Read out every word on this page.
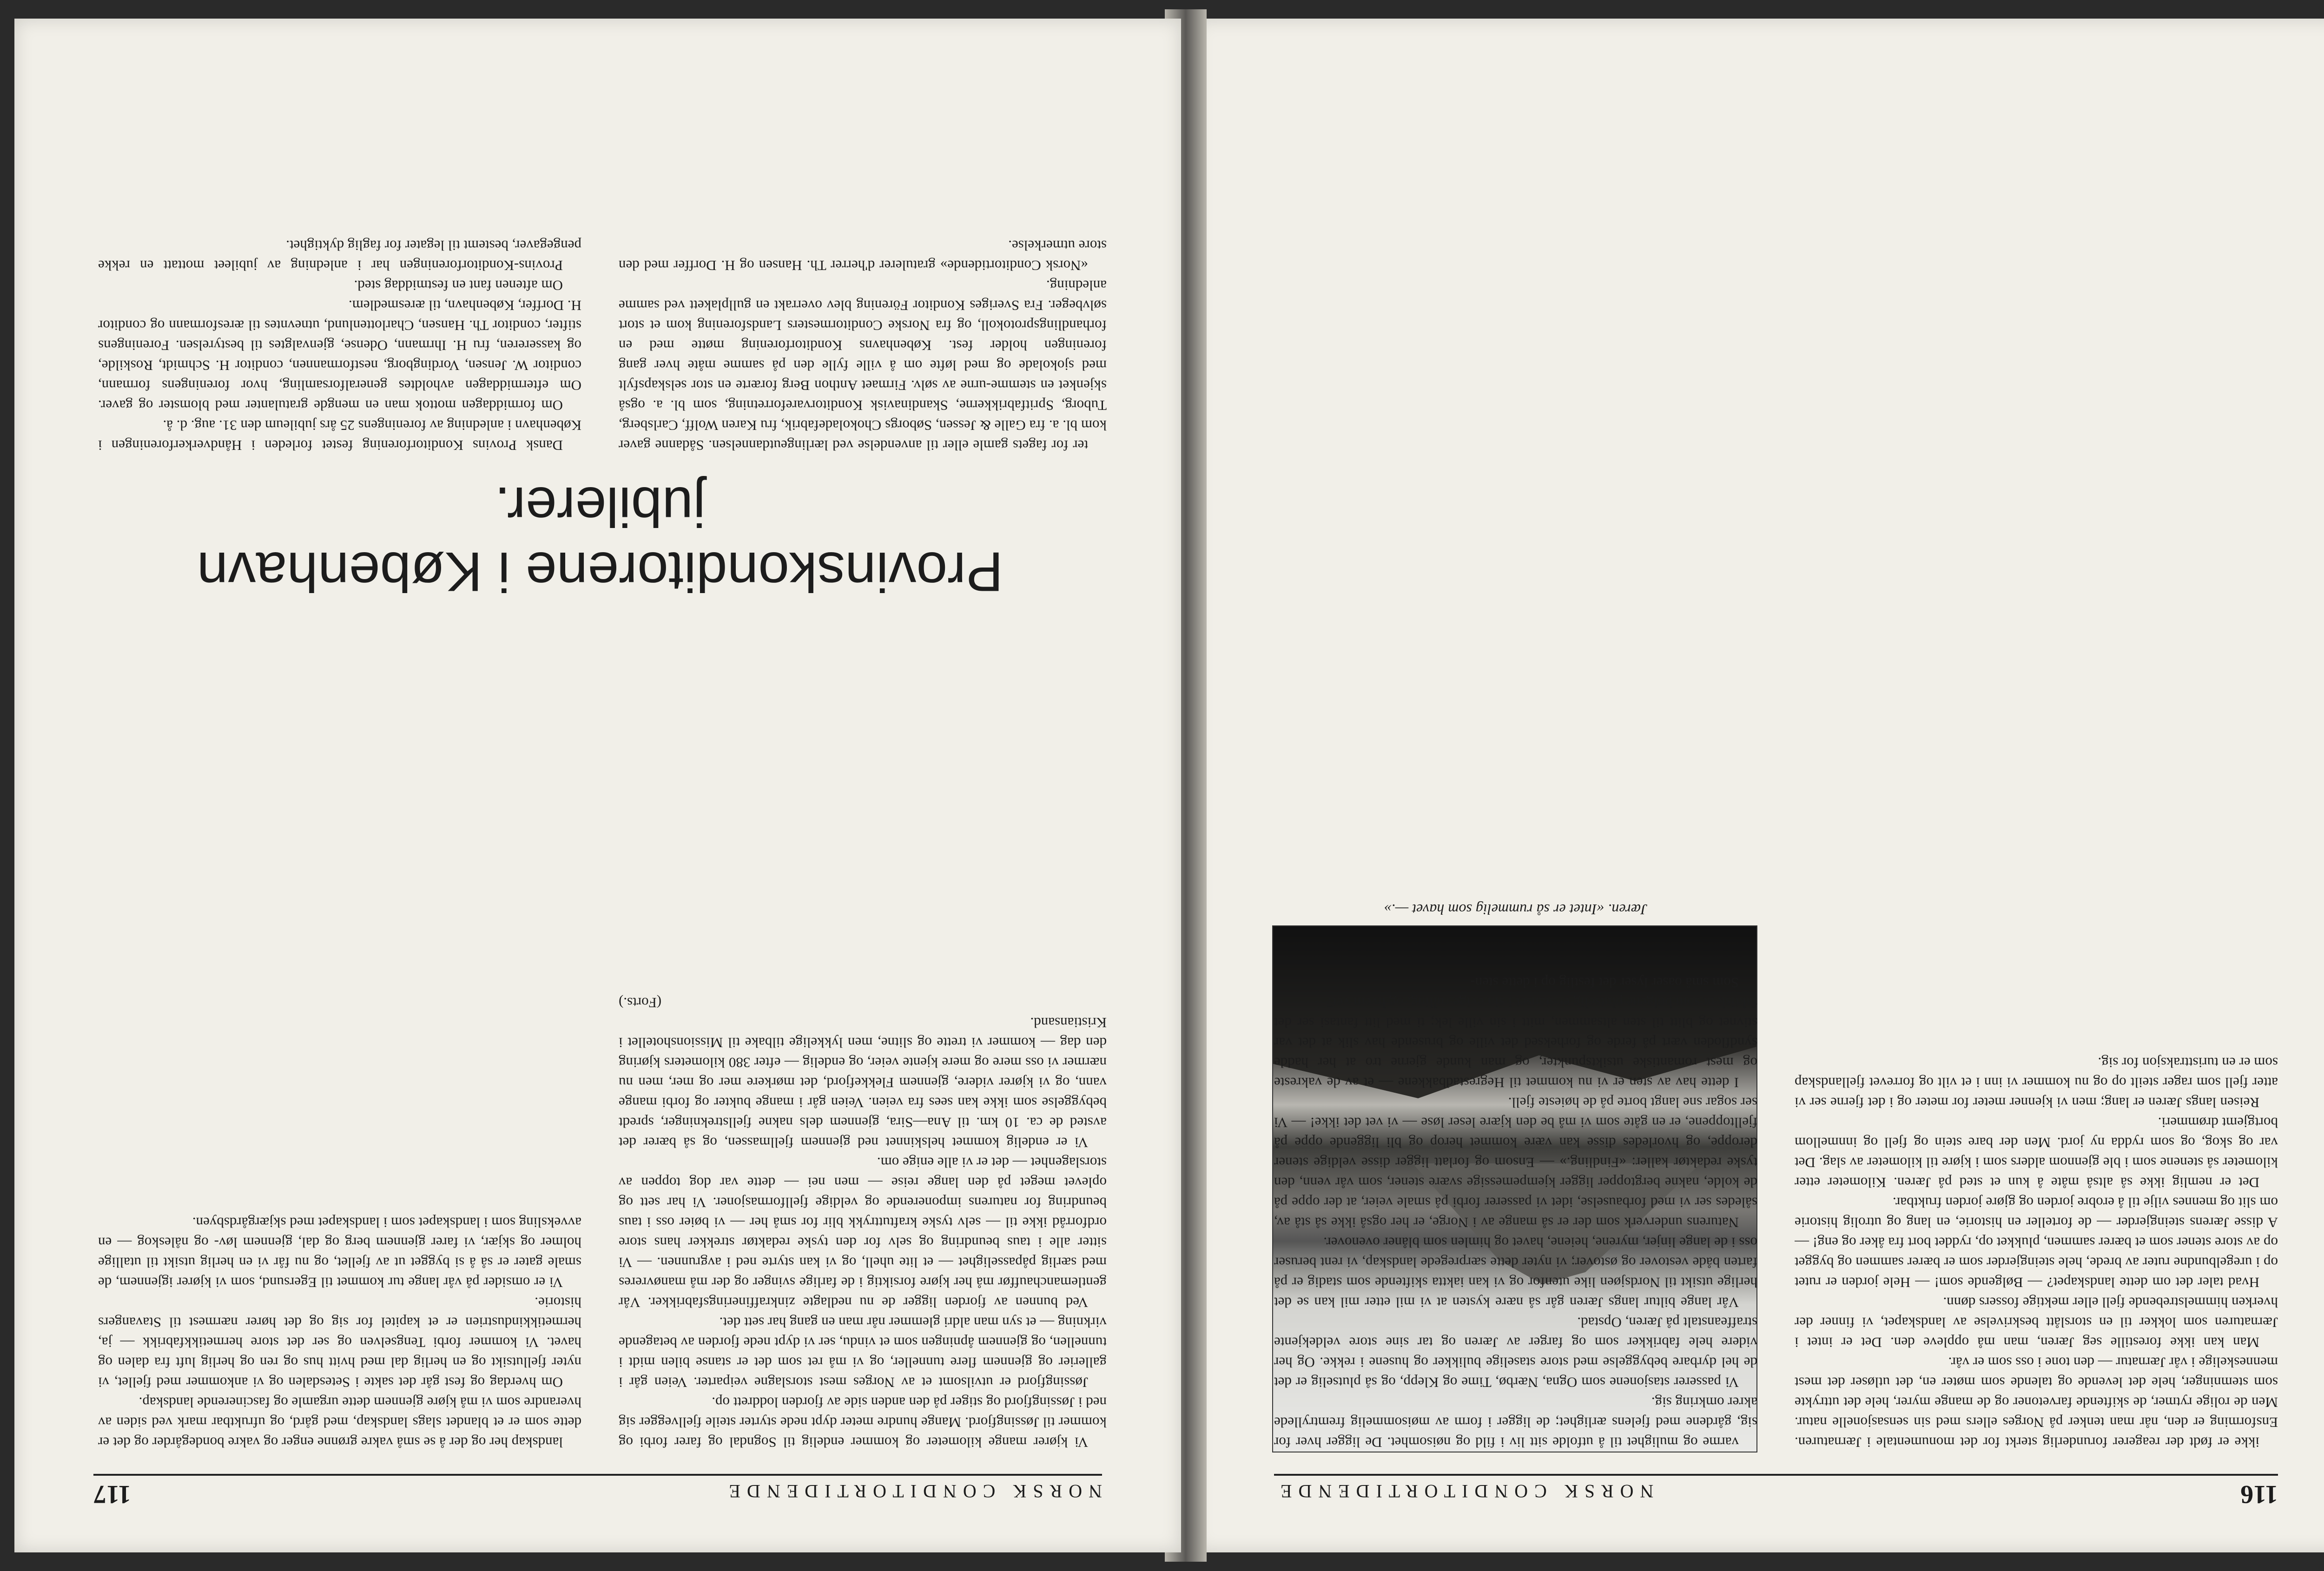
116
NORSK CONDITORTIDENDE

ikke er født der reagerer forunderlig sterkt for det monumentale i Jærnaturen. Ensforming er den, når man tenker på Norges ellers med sin sensasjonelle natur. Men de rolige rytmer, de skiftende farvetoner og de mange myrer, hele det uttrykte som stemninger, hele det levende og talende som møter en, det utløser det mest menneskelige i vår Jærnatur — den tone i oss som er vår.

Man kan ikke forestille seg Jæren, man må oppleve den. Det er intet i Jærnaturen som lokker til en storslått beskrivelse av landskapet, vi finner der hverken himmelstrebende fjell eller mektige fossers dønn.

Hvad taler det om dette landskapet? — Bølgende som! — Hele jorden er rutet op i uregelbundne ruter av brede, hele steingjerder som er bærer sammen og bygget op av store stener som et bærer sammen, plukket op, ryddet bort fra åker og eng! — A disse Jærens steingjerder — de forteller en historie, en lang og utrolig historie om slit og mennes vilje til å erobre jorden og gjøre jorden fruktbar.

Det er nemlig ikke så altså måte å kun et sted på Jæren. Kilometer etter kilometer så stenene som i ble gjennom alders som i kjøre til kilometer av slag. Det var og skog, og som rydda ny jord. Men der bare stein og fjell og innmellom bortgjemt drømmeri.

Reisen langs Jæren er lang; men vi kjenner meter for meter og i det fjerne ser vi atter fjell som rager steilt op og nu kommer vi inn i et vilt og forrevet fjellandskap som er en turisttraksjon for sig.

Jæren. «Intet er så rummelig som havet —.»

varme og mulighet til å utfolde sitt liv i fild og nøisomhet. De ligger hver for sig, gårdene med fjelens ærlighet; de ligger i form av møisommelig fremtryllede akrer omkring sig.

Vi passerer stasjonene som Ogna, Nærbø, Time og Klepp, og så plutselig er det de hel dyrbare bebyggelse med store staselige bulikker og husene i rekke. Og her videre hele fabrikker som og farger av Jæren og tar sine store veldekjente straffeanstalt på Jæren, Opstad.

Vår lange biltur langs Jæren går så nære kysten at vi mil etter mil kan se det herlige utsikt til Nordsjøen like utenfor og vi kan iaktta skiftende som stadig er på farten både vestover og østover; vi nyter dette særpregede landskap, vi rent beruser oss i de lange linjer, myrene, heiene, havet og himlen som blåner ovenover.

Naturens underverk som der er så mange av i Norge, er her også ikke så stå av, således ser vi med forbauselse, idet vi passerer forbi på smale veier, at der oppe på de kolde, nakne bergtopper ligger kjempemessige svære stener, som vår venn, den tyske redaktør kaller: «Findling.» — Ensom og forlatt ligger disse veldige stener deroppe, og hvorledes disse kan være kommet herop og bli liggende oppe på fjelltoppene, er en gåte som vi må be den kjære leser løse — vi vet det ikke! — Vi ser sogar sne langt borte på de høieste fjell.

I dette hav av sten er vi nu kommet til Hegrestadbakkene — et av de vakreste og mest romantiske utsiktspunkter, og man kunde gjerne tro at her hadde syndfloden vært på ferde og forheksed det ville og brusende hav slik at det var stivnet og blitt til sten altsammen, mitt i sin ville lek; ti med litt fantasi ser det faktisk ut som bølgene plutselig er stanset i sin evige rulling, og hvem vet?

Som små oaser lyser det festlig op i dette sten-

117	NORSK CONDITORTIDENDE

Vi kjører mange kilometer og kommer endelig til Sogndal og farer forbi og kommer til Jøssingfjord. Mange hundre meter dypt nede styrter steile fjellvegger sig ned i Jøssingfjord og stiger på den anden side av fjorden loddrett op.

Jøssingfjord er utvilsomt et av Norges mest storslagne veiparter. Veien går i gallerier og gjennem flere tunneller, og vi må ret som det er stanse bilen midt i tunnellen, og gjennem åpningen som et vindu, ser vi dypt nede fjorden av betagende virkning — et syn man aldri glemmer når man en gang har sett det.

Ved bunnen av fjorden ligger de nu nedlagte zinkraffineringsfabrikker. Vår gentlemanchauffør må her kjøre forsiktig i de farlige svinger og der må manøvreres med særlig påpasselighet — et lite uhell, og vi kan styrte ned i avgrunnen. — Vi sitter alle i taus beundring og selv for den tyske redaktør strekker hans store ordforråd ikke til — selv tyske kraftuttrykk blir for små her — vi bøier oss i taus beundring for naturens imponerende og veldige fjellformasjoner. Vi har sett og oplevet meget på den lange reise — men nei — dette var dog toppen av storslagenhet — det er vi alle enige om.

Vi er endelig kommet helskinnet ned gjennem fjellmassen, og så bærer det avsted de ca. 10 km. til Ana—Sira, gjennem dels nakne fjellstrekninger, spredt bebyggelse som ikke kan sees fra veien. Veien går i mange bukter og forbi mange vann, og vi kjører videre, gjennem Flekkefjord, det mørkere mer og mer, men nu nærmer vi oss mere og mere kjente veier, og endelig — efter 380 kilometers kjøring den dag — kommer vi trette og slitne, men lykkelige tilbake til Missionshotellet i Kristiansand.

(Forts.)

landskap her og der å se små vakre grønne enger og vakre bondegårder og det er dette som er et blandet slags landskap, med gård, og ufruktbar mark ved siden av hverandre som vi må kjøre gjennem dette urgamle og fascinerende landskap.

Om hverdag og fest går det sakte i Setesdalen og vi ankommer med fjellet, vi nyter fjellutsikt og en herlig dal med hvitt hus og ren og herlig luft fra dalen og havet. Vi kommer forbi Tengselven og ser det store hermetikkfabrikk — ja, hermetikkindustrien er et kapitel for sig og det hører nærmest til Stavangers historie.

Vi er omsider på vår lange tur kommet til Egersund, som vi kjører igjennem, de smale gater er så å si bygget ut av fjellet, og nu får vi en herlig utsikt til utallige holmer og skjær, vi farer gjennem berg og dal, gjennem løv- og nåleskog — en avveksling som i landskapet som i landskapet med skjærgårdsbyen.

Provinskonditorene i København jubilerer.

ter for fagets gamle eller til anvendelse ved lærlingeutdannelsen. Sådanne gaver kom bl. a. fra Galle & Jessen, Søborgs Chokoladefabrik, fru Karen Wolff, Carlsberg, Tuborg, Spritfabrikkerne, Skandinavisk Konditorvareforretning, som bl. a. også skjenket en stemme-urne av sølv. Firmaet Anthon Berg forærte en stor selskapsfylt med sjokolade og med løfte om å ville fylle den på samme måte hver gang foreningen holder fest. Københavns Konditorforening møtte med en forhandlingsprotokoll, og fra Norske Conditormesters Landsforening kom et stort sølvbeger. Fra Sveriges Konditor Förening blev overrakt en gullplakett ved samme anledning.

«Norsk Conditortidende» gratulerer d'herrer Th. Hansen og H. Dorffer med den store utmerkelse.

Dansk Provins Konditorforening festet forleden i Håndverkerforeningen i København i anledning av foreningens 25 års jubileum den 31. aug. d. å.

Om formiddagen mottok man en mengde gratulanter med blomster og gaver. Om eftermiddagen avholdtes generalforsamling, hvor foreningens formann, conditor W. Jensen, Vordingborg, nestformannen, conditor H. Schmidt, Roskilde, og kassereren, fru H. Ihrmann, Odense, gjenvalgtes til bestyrelsen. Foreningens stifter, conditor Th. Hansen, Charlottenlund, utnevntes til æresformann og conditor H. Dorffer, København, til æresmedlem.

Om aftenen fant en festmiddag sted.

Provins-Konditorforeningen har i anledning av jubileet mottatt en rekke pengegaver, bestemt til legater for faglig dyktighet.
